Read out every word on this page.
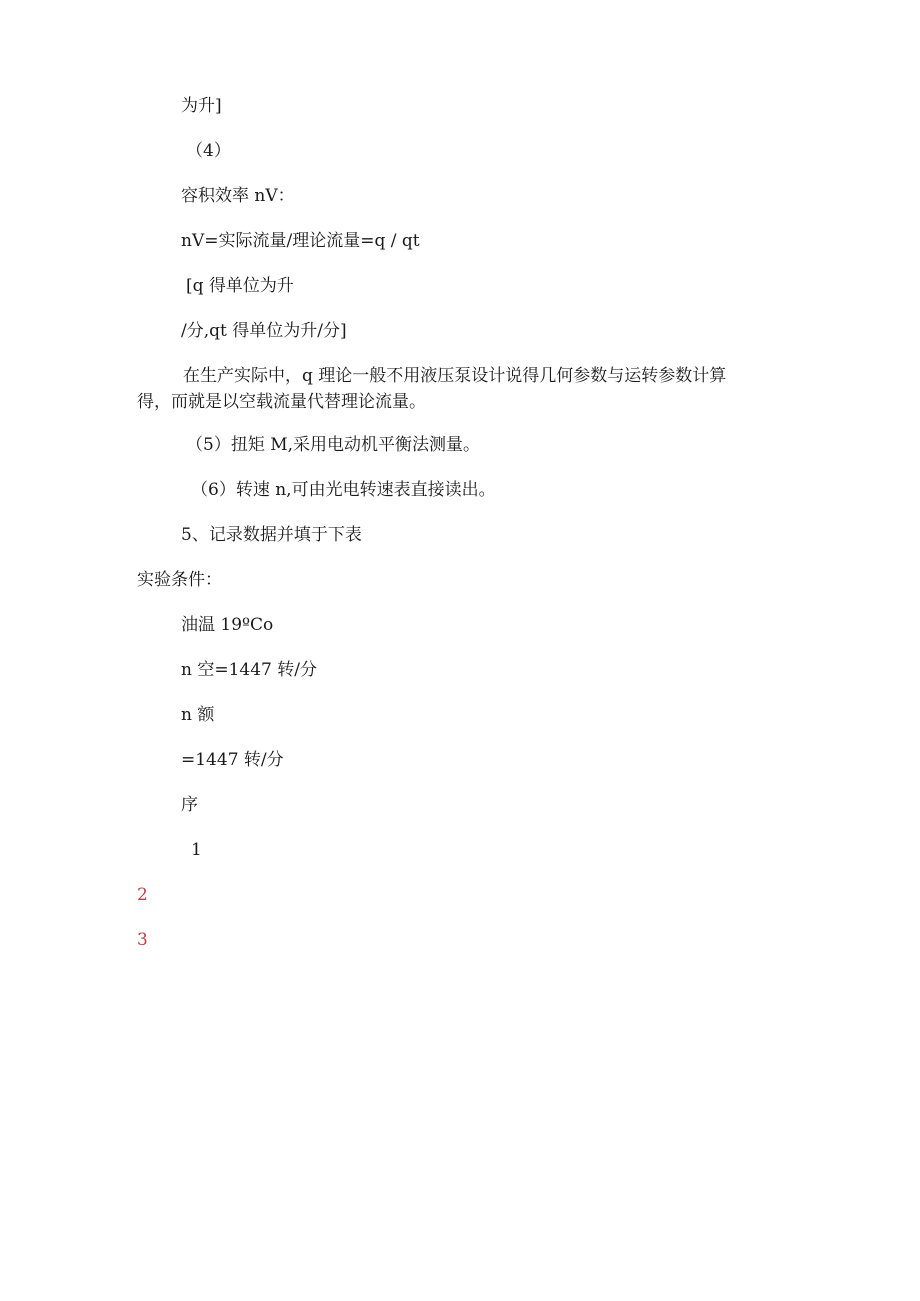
为升]
（4）
容积效率 nV：
nV=实际流量/理论流量=q / qt
[q 得单位为升
/分,qt 得单位为升/分]
在生产实际中，q 理论一般不用液压泵设计说得几何参数与运转参数计算得，而就是以空载流量代替理论流量。
（5）扭矩 M,采用电动机平衡法测量。
（6）转速 n,可由光电转速表直接读出。
5、记录数据并填于下表
实验条件：
油温 19ºCo
n 空=1447 转/分
n 额
=1447 转/分
序
1
2
3
